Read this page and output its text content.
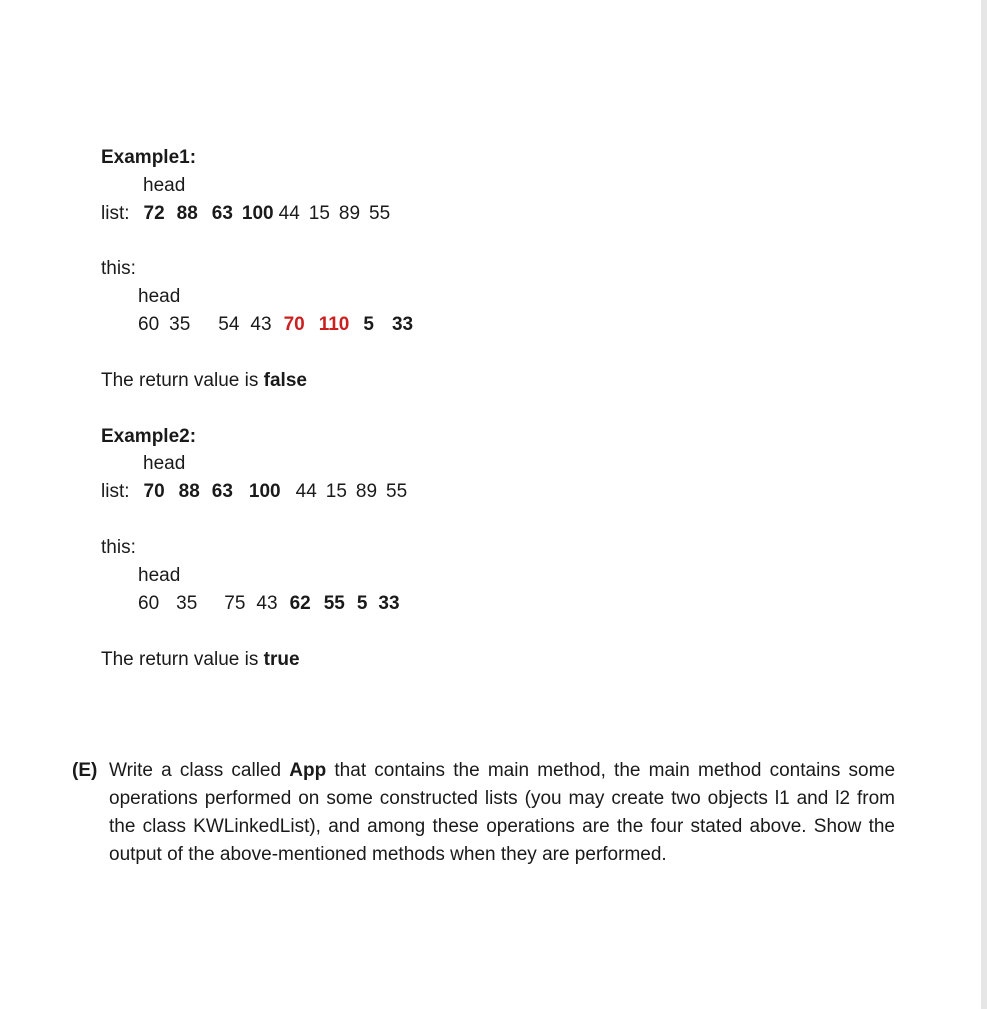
Example1:
head
list: 72 88 63 100 44 15 89 55
this:
head
60 35 54 43 70 110 5 33
The return value is false
Example2:
head
list: 70 88 63 100 44 15 89 55
this:
head
60 35 75 43 62 55 5 33
The return value is true
(E) Write a class called App that contains the main method, the main method contains some operations performed on some constructed lists (you may create two objects l1 and l2 from the class KWLinkedList), and among these operations are the four stated above. Show the output of the above-mentioned methods when they are performed.
